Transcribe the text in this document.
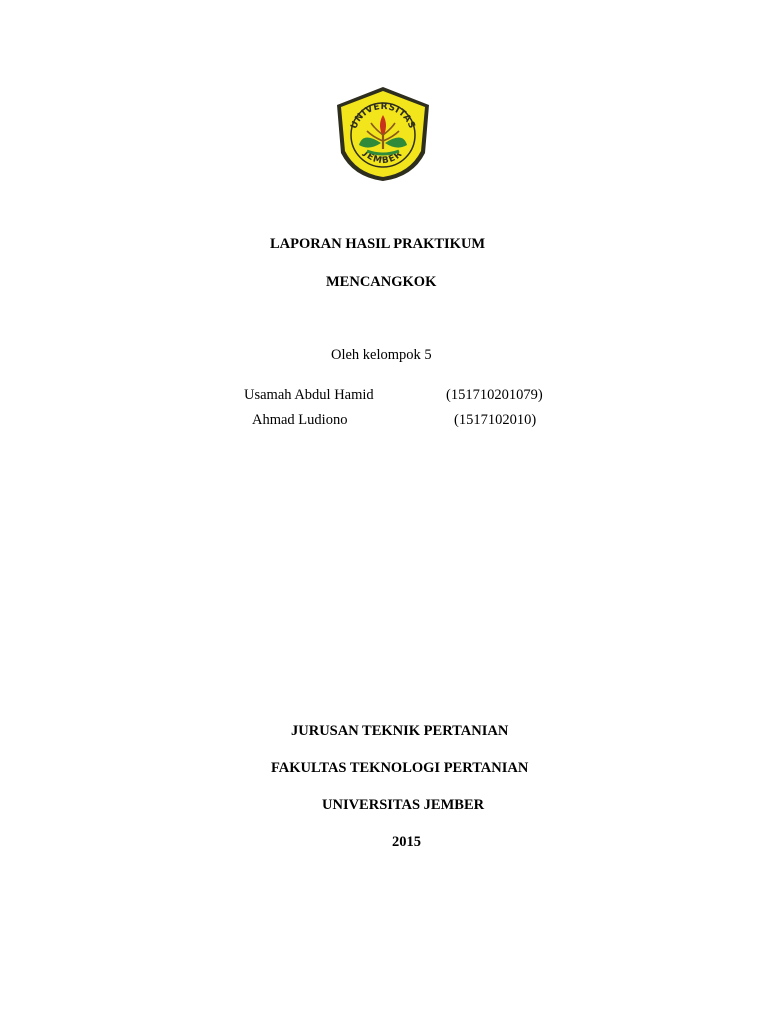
UNIVERSITAS
JEMBER
LAPORAN HASIL PRAKTIKUM
MENCANGKOK
Oleh kelompok 5
Usamah Abdul Hamid	(151710201079)
Ahmad Ludiono	(1517102010)
JURUSAN TEKNIK PERTANIAN
FAKULTAS TEKNOLOGI PERTANIAN
UNIVERSITAS JEMBER
2015
